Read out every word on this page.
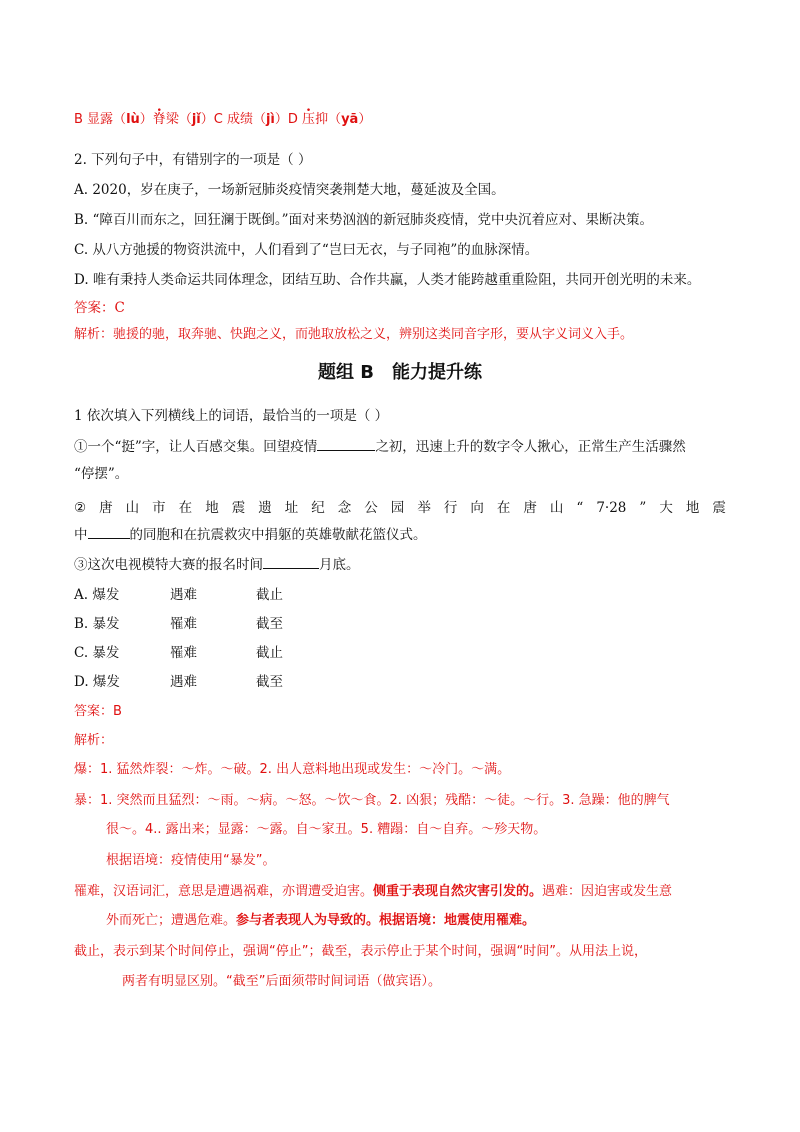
B 显露（lù）脊梁（jǐ）C 成绩（jì）D 压抑（yā）

2. 下列句子中，有错别字的一项是（ ）

A. 2020，岁在庚子，一场新冠肺炎疫情突袭荆楚大地，蔓延波及全国。

B. “障百川而东之，回狂澜于既倒。”面对来势汹汹的新冠肺炎疫情，党中央沉着应对、果断决策。

C. 从八方弛援的物资洪流中，人们看到了“岂曰无衣，与子同袍”的血脉深情。

D. 唯有秉持人类命运共同体理念，团结互助、合作共赢，人类才能跨越重重险阻，共同开创光明的未来。

答案：C

解析：驰援的驰，取奔驰、快跑之义，而弛取放松之义，辨别这类同音字形，要从字义词义入手。

题组 B 能力提升练

1 依次填入下列横线上的词语，最恰当的一项是（ ）

①一个“挺”字，让人百感交集。回望疫情	之初，迅速上升的数字令人揪心，正常生产生活骤然

“停摆”。

② 唐 山 市 在 地 震 遗 址 纪 念 公 园 举 行 向 在 唐 山 “ 7·28 ” 大 地 震

中	的同胞和在抗震救灾中捐躯的英雄敬献花篮仪式。

③这次电视模特大赛的报名时间	月底。

A. 爆发	遇难	截止
B. 暴发	罹难	截至
C. 暴发	罹难	截止
D. 爆发	遇难	截至

答案：B

解析：

爆：1. 猛然炸裂：～炸。～破。2. 出人意料地出现或发生：～冷门。～满。

暴：1. 突然而且猛烈：～雨。～病。～怒。～饮～食。2. 凶狠；残酷：～徒。～行。3. 急躁：他的脾气

很～。4.. 露出来；显露：～露。自～家丑。5. 糟蹋：自～自弃。～殄天物。

根据语境：疫情使用“暴发”。

罹难，汉语词汇，意思是遭遇祸难，亦谓遭受迫害。侧重于表现自然灾害引发的。遇难：因迫害或发生意

外而死亡；遭遇危难。参与者表现人为导致的。根据语境：地震使用罹难。

截止，表示到某个时间停止，强调“停止”；截至，表示停止于某个时间，强调“时间”。从用法上说，

两者有明显区别。“截至”后面须带时间词语（做宾语）。
